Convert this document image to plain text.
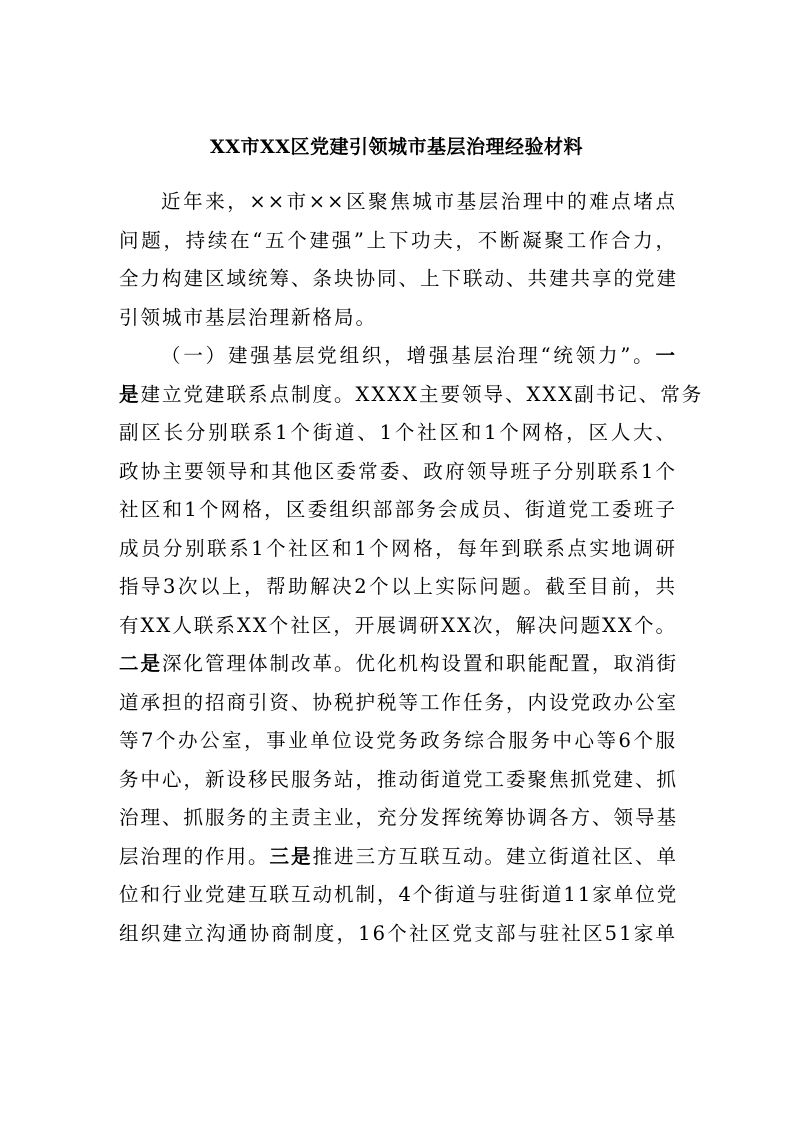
XX市XX区党建引领城市基层治理经验材料
近年来，××市××区聚焦城市基层治理中的难点堵点
问题，持续在“五个建强”上下功夫，不断凝聚工作合力，
全力构建区域统筹、条块协同、上下联动、共建共享的党建
引领城市基层治理新格局。
（一）建强基层党组织，增强基层治理“统领力”。一
是建立党建联系点制度。XXXX主要领导、XXX副书记、常务
副区长分别联系1个街道、1个社区和1个网格，区人大、
政协主要领导和其他区委常委、政府领导班子分别联系1个
社区和1个网格，区委组织部部务会成员、街道党工委班子
成员分别联系1个社区和1个网格，每年到联系点实地调研
指导3次以上，帮助解决2个以上实际问题。截至目前，共
有XX人联系XX个社区，开展调研XX次，解决问题XX个。
二是深化管理体制改革。优化机构设置和职能配置，取消街
道承担的招商引资、协税护税等工作任务，内设党政办公室
等7个办公室，事业单位设党务政务综合服务中心等6个服
务中心，新设移民服务站，推动街道党工委聚焦抓党建、抓
治理、抓服务的主责主业，充分发挥统筹协调各方、领导基
层治理的作用。三是推进三方互联互动。建立街道社区、单
位和行业党建互联互动机制，4个街道与驻街道11家单位党
组织建立沟通协商制度，16个社区党支部与驻社区51家单
